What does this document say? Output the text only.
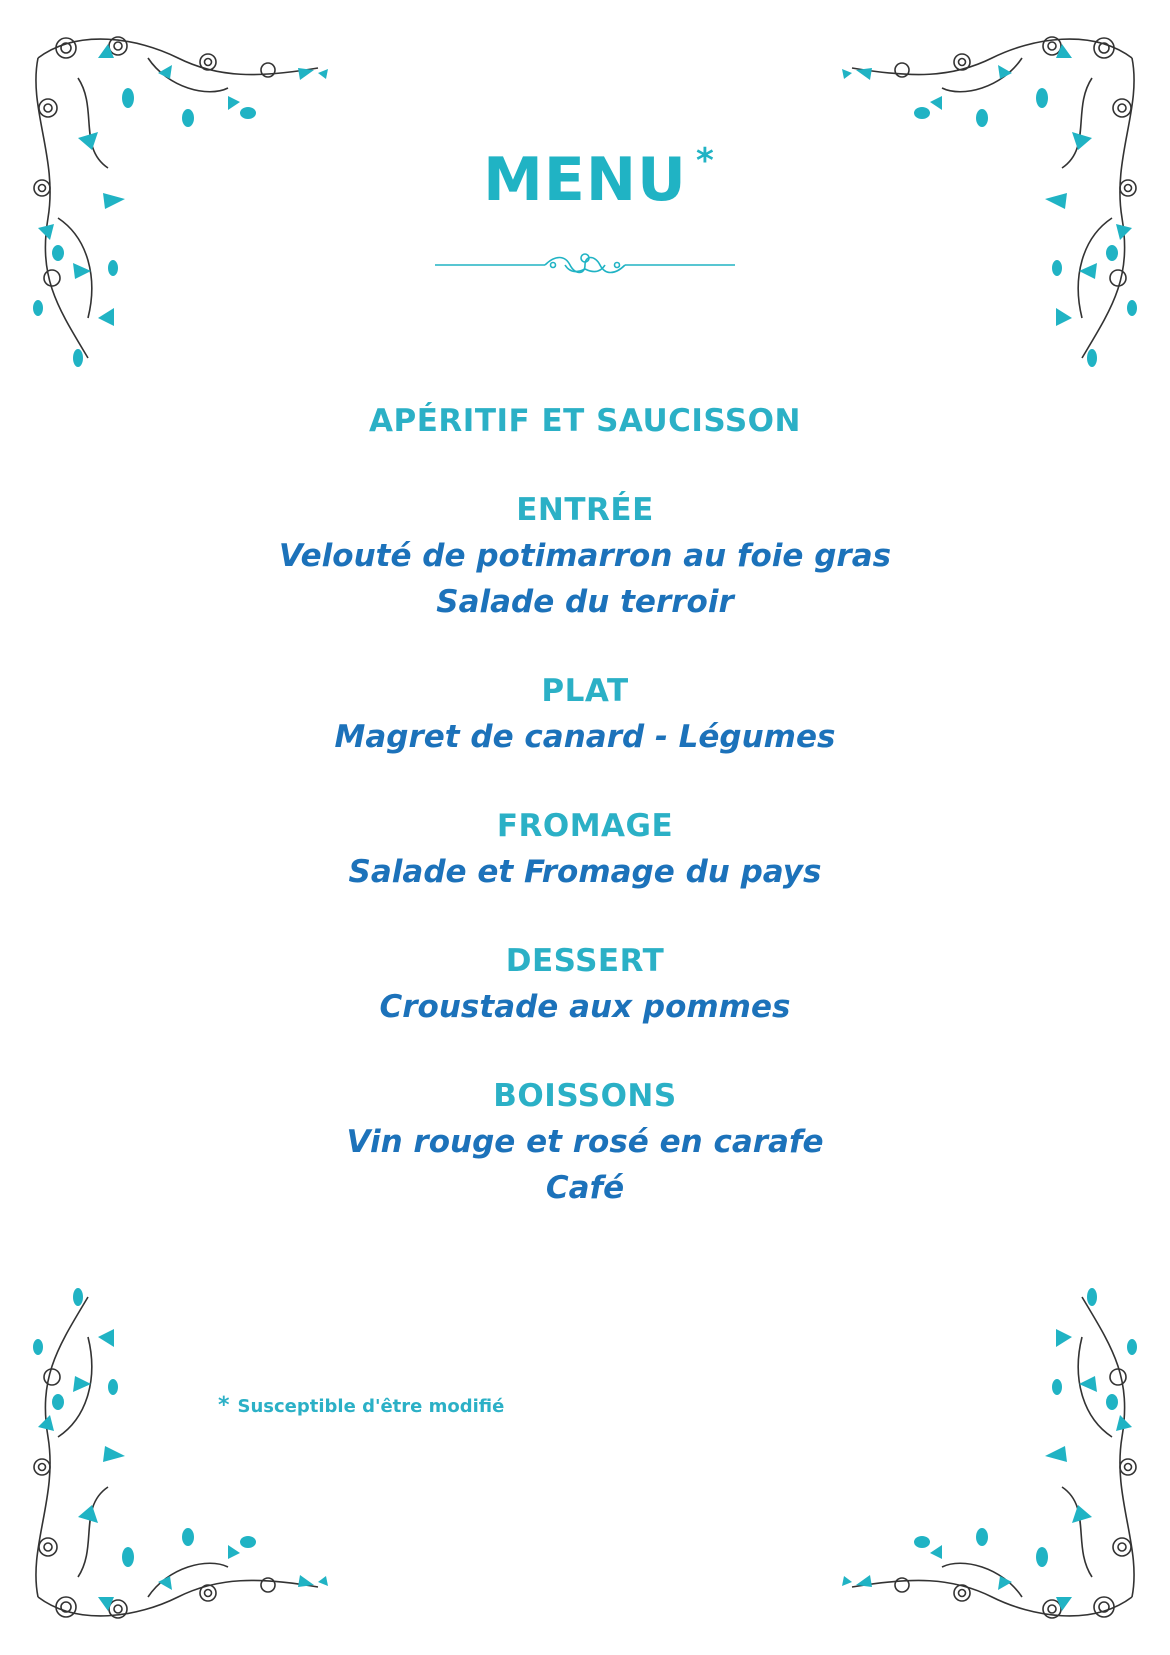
MENU *
APÉRITIF ET SAUCISSON
ENTRÉE
Velouté de potimarron au foie gras
Salade du terroir
PLAT
Magret de canard - Légumes
FROMAGE
Salade et Fromage du pays
DESSERT
Croustade aux pommes
BOISSONS
Vin rouge et rosé en carafe
Café
* Susceptible d'être modifié
